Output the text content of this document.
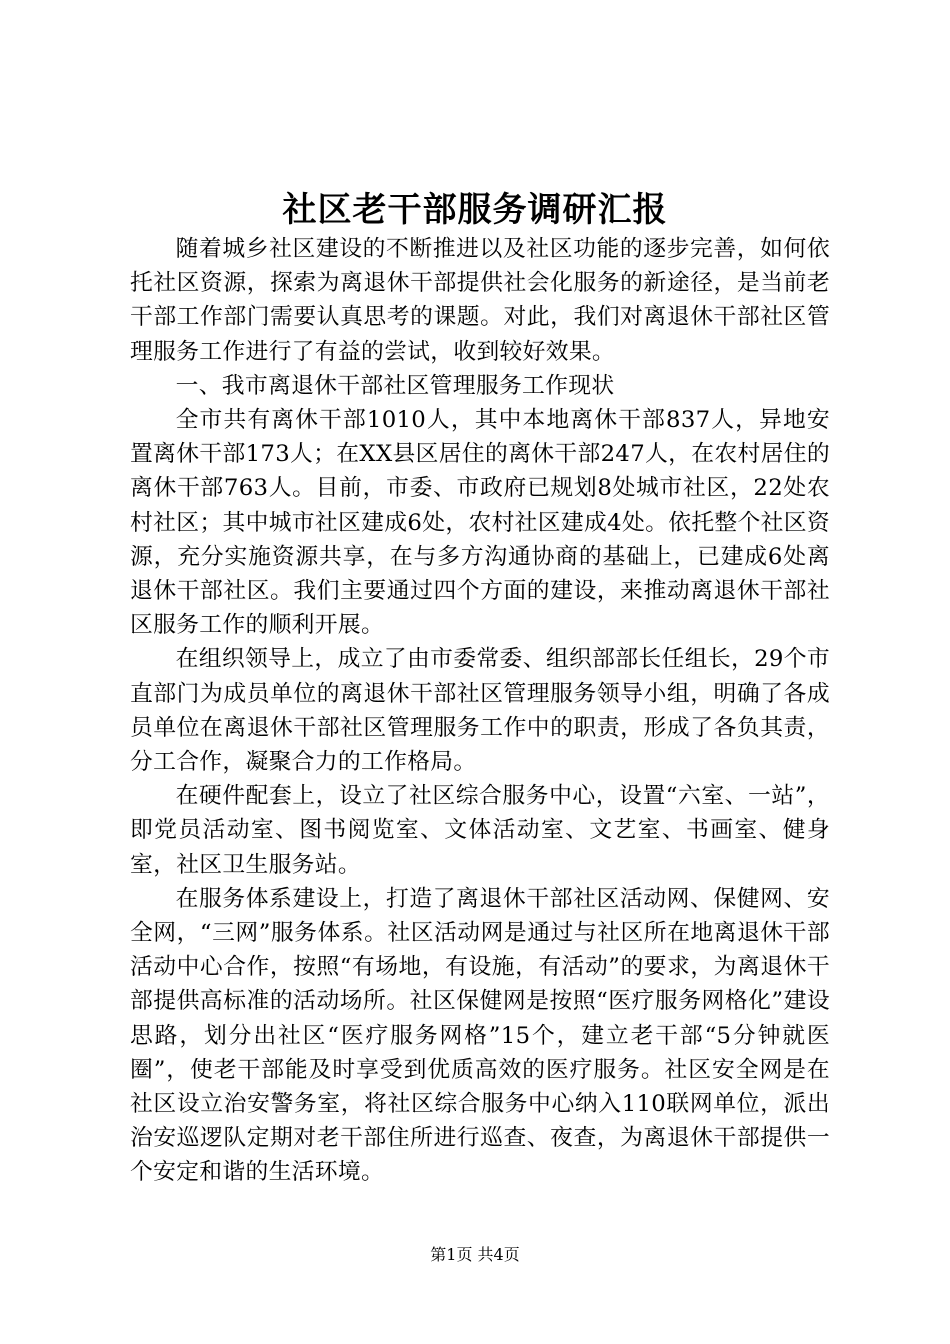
社区老干部服务调研汇报

随着城乡社区建设的不断推进以及社区功能的逐步完善，如何依托社区资源，探索为离退休干部提供社会化服务的新途径，是当前老干部工作部门需要认真思考的课题。对此，我们对离退休干部社区管理服务工作进行了有益的尝试，收到较好效果。

一、我市离退休干部社区管理服务工作现状

全市共有离休干部1010人，其中本地离休干部837人，异地安置离休干部173人；在XX县区居住的离休干部247人，在农村居住的离休干部763人。目前，市委、市政府已规划8处城市社区，22处农村社区；其中城市社区建成6处，农村社区建成4处。依托整个社区资源，充分实施资源共享，在与多方沟通协商的基础上，已建成6处离退休干部社区。我们主要通过四个方面的建设，来推动离退休干部社区服务工作的顺利开展。

在组织领导上，成立了由市委常委、组织部部长任组长，29个市直部门为成员单位的离退休干部社区管理服务领导小组，明确了各成员单位在离退休干部社区管理服务工作中的职责，形成了各负其责，分工合作，凝聚合力的工作格局。

在硬件配套上，设立了社区综合服务中心，设置“六室、一站”，即党员活动室、图书阅览室、文体活动室、文艺室、书画室、健身室，社区卫生服务站。

在服务体系建设上，打造了离退休干部社区活动网、保健网、安全网，“三网”服务体系。社区活动网是通过与社区所在地离退休干部活动中心合作，按照“有场地，有设施，有活动”的要求，为离退休干部提供高标准的活动场所。社区保健网是按照“医疗服务网格化”建设思路，划分出社区“医疗服务网格”15个，建立老干部“5分钟就医圈”，使老干部能及时享受到优质高效的医疗服务。社区安全网是在社区设立治安警务室，将社区综合服务中心纳入110联网单位，派出治安巡逻队定期对老干部住所进行巡查、夜查，为离退休干部提供一个安定和谐的生活环境。

第1页 共4页
